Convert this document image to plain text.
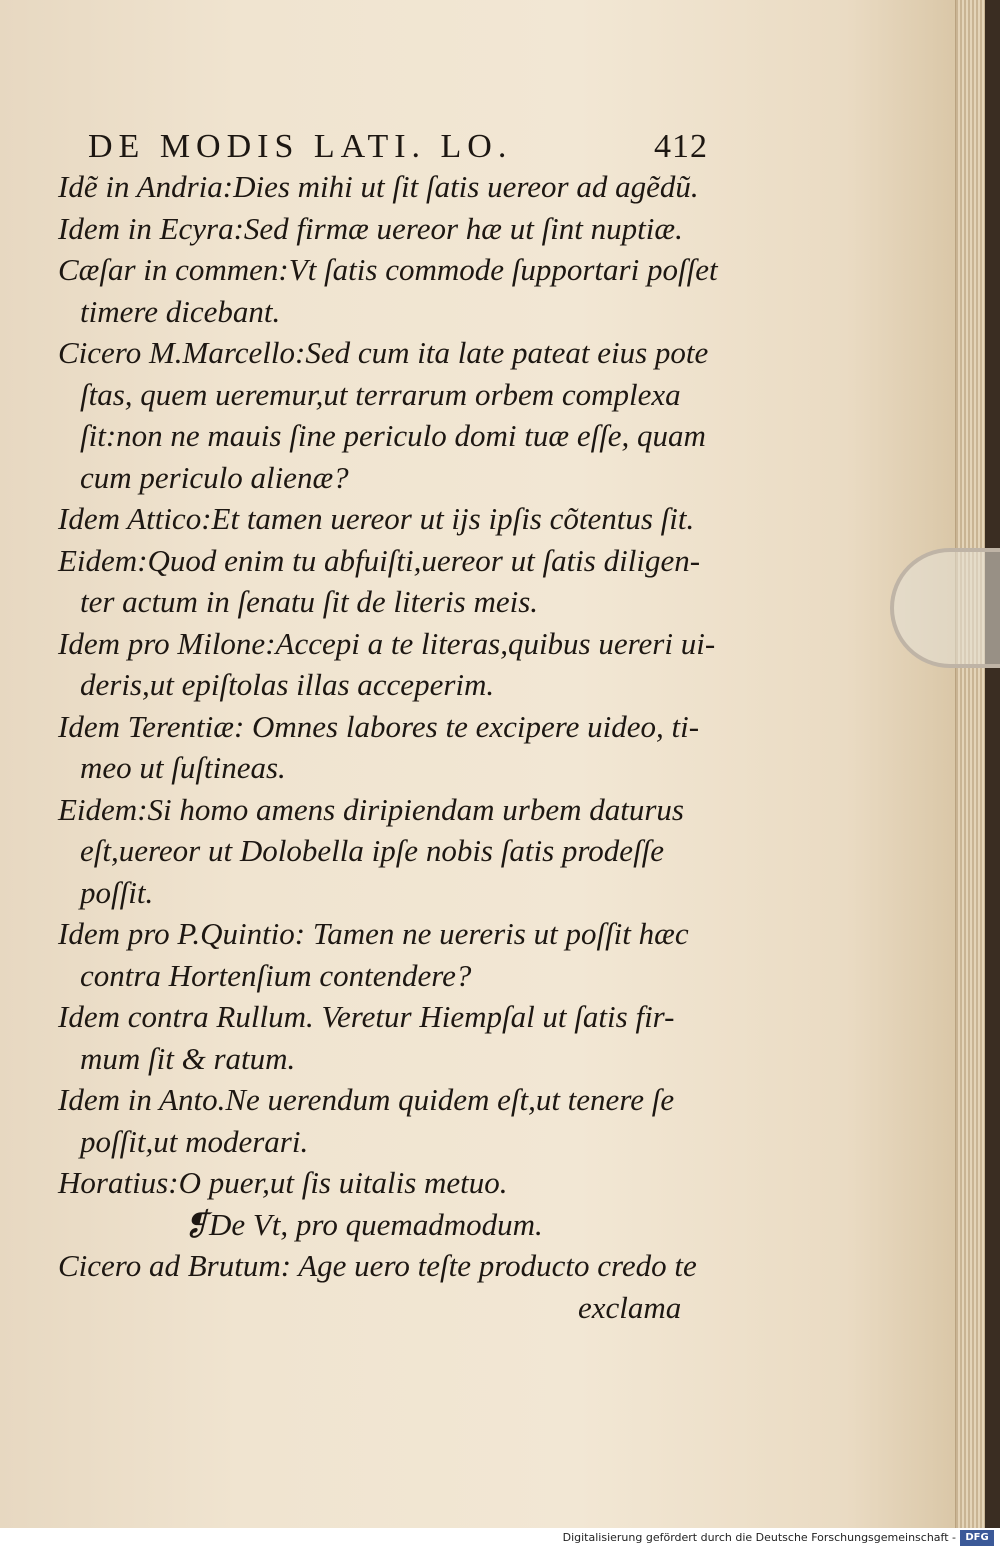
DE MODIS LATI. LO.	412
Idẽ in Andria:Dies mihi ut ſit ſatis uereor ad agẽdũ.
Idem in Ecyra:Sed firmæ uereor hæ ut ſint nuptiæ.
Cæſar in commen:Vt ſatis commode ſupportari poſſet
timere dicebant.
Cicero M.Marcello:Sed cum ita late pateat eius pote
ſtas, quem ueremur,ut terrarum orbem complexa
ſit:non ne mauis ſine periculo domi tuæ eſſe, quam
cum periculo alienæ?
Idem Attico:Et tamen uereor ut ijs ipſis cõtentus ſit.
Eidem:Quod enim tu abfuiſti,uereor ut ſatis diligen-
ter actum in ſenatu ſit de literis meis.
Idem pro Milone:Accepi a te literas,quibus uereri ui-
deris,ut epiſtolas illas acceperim.
Idem Terentiæ: Omnes labores te excipere uideo, ti-
meo ut ſuſtineas.
Eidem:Si homo amens diripiendam urbem daturus
eſt,uereor ut Dolobella ipſe nobis ſatis prodeſſe
poſſit.
Idem pro P.Quintio: Tamen ne uereris ut poſſit hæc
contra Hortenſium contendere?
Idem contra Rullum. Veretur Hiempſal ut ſatis fir-
mum ſit & ratum.
Idem in Anto.Ne uerendum quidem eſt,ut tenere ſe
poſſit,ut moderari.
Horatius:O puer,ut ſis uitalis metuo.
❡De Vt, pro quemadmodum.
Cicero ad Brutum: Age uero teſte producto credo te
exclama
Digitalisierung gefördert durch die Deutsche Forschungsgemeinschaft - DFG
